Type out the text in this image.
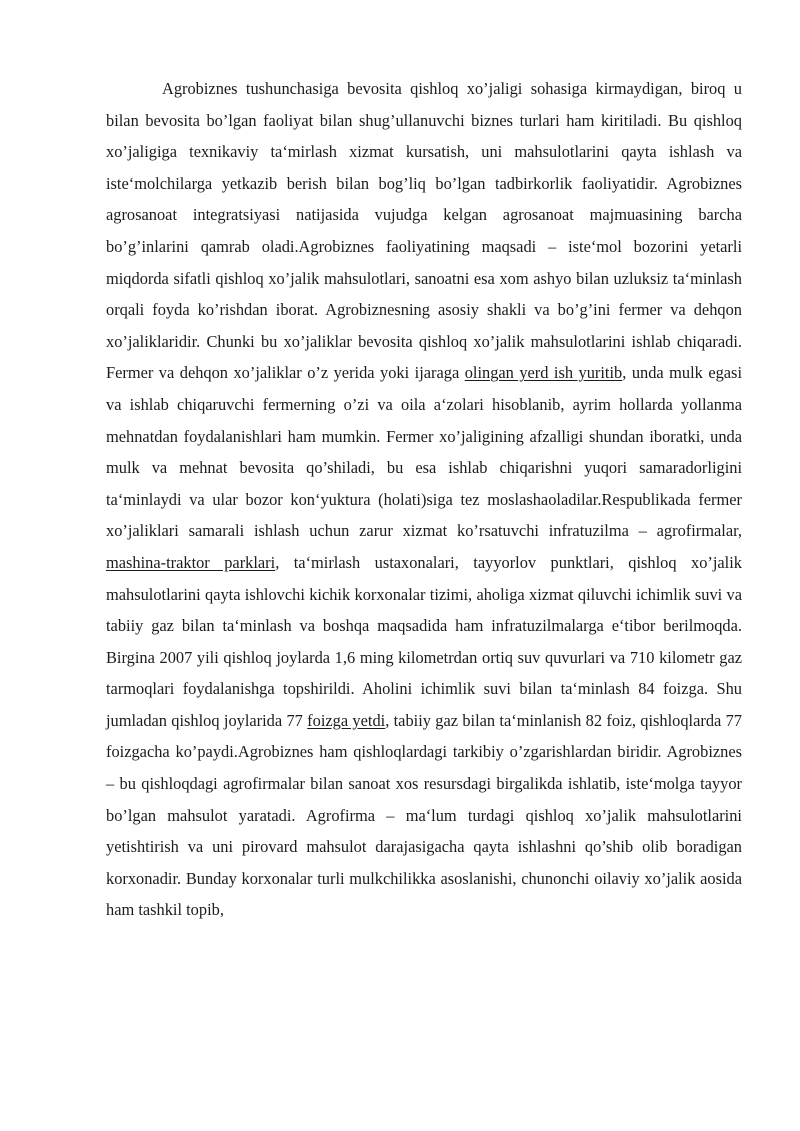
Agrobiznes tushunchasiga bevosita qishloq xo’jaligi sohasiga kirmaydigan, biroq u bilan bevosita bo’lgan faoliyat bilan shug’ullanuvchi biznes turlari ham kiritiladi. Bu qishloq xo’jaligiga texnikaviy ta‘mirlash xizmat kursatish, uni mahsulotlarini qayta ishlash va iste‘molchilarga yetkazib berish bilan bog’liq bo’lgan tadbirkorlik faoliyatidir. Agrobiznes agrosanoat integratsiyasi natijasida vujudga kelgan agrosanoat majmuasining barcha bo’g’inlarini qamrab oladi.Agrobiznes faoliyatining maqsadi – iste‘mol bozorini yetarli miqdorda sifatli qishloq xo’jalik mahsulotlari, sanoatni esa xom ashyo bilan uzluksiz ta‘minlash orqali foyda ko’rishdan iborat. Agrobiznesning asosiy shakli va bo’g’ini fermer va dehqon xo’jaliklaridir. Chunki bu xo’jaliklar bevosita qishloq xo’jalik mahsulotlarini ishlab chiqaradi. Fermer va dehqon xo’jaliklar o’z yerida yoki ijaraga olingan yerd ish yuritib, unda mulk egasi va ishlab chiqaruvchi fermerning o’zi va oila a‘zolari hisoblanib, ayrim hollarda yollanma mehnatdan foydalanishlari ham mumkin. Fermer xo’jaligining afzalligi shundan iboratki, unda mulk va mehnat bevosita qo’shiladi, bu esa ishlab chiqarishni yuqori samaradorligini ta‘minlaydi va ular bozor kon‘yuktura (holati)siga tez moslashaoladilar.Respublikada fermer xo’jaliklari samarali ishlash uchun zarur xizmat ko’rsatuvchi infratuzilma – agrofirmalar, mashina-traktor parklari, ta‘mirlash ustaxonalari, tayyorlov punktlari, qishloq xo’jalik mahsulotlarini qayta ishlovchi kichik korxonalar tizimi, aholiga xizmat qiluvchi ichimlik suvi va tabiiy gaz bilan ta‘minlash va boshqa maqsadida ham infratuzilmalarga e‘tibor berilmoqda. Birgina 2007 yili qishloq joylarda 1,6 ming kilometrdan ortiq suv quvurlari va 710 kilometr gaz tarmoqlari foydalanishga topshirildi. Aholini ichimlik suvi bilan ta‘minlash 84 foizga. Shu jumladan qishloq joylarida 77 foizga yetdi, tabiiy gaz bilan ta‘minlanish 82 foiz, qishloqlarda 77 foizgacha ko’paydi.Agrobiznes ham qishloqlardagi tarkibiy o’zgarishlardan biridir. Agrobiznes – bu qishloqdagi agrofirmalar bilan sanoat xos resursdagi birgalikda ishlatib, iste‘molga tayyor bo’lgan mahsulot yaratadi. Agrofirma – ma‘lum turdagi qishloq xo’jalik mahsulotlarini yetishtirish va uni pirovard mahsulot darajasigacha qayta ishlashni qo’shib olib boradigan korxonadir. Bunday korxonalar turli mulkchilikka asoslanishi, chunonchi oilaviy xo’jalik aosida ham tashkil topib,
